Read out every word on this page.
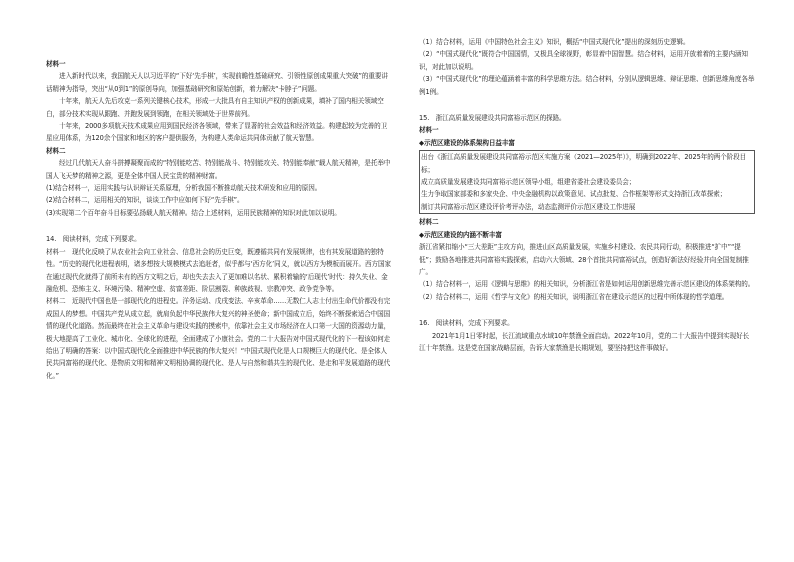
材料一

进入新时代以来，我国航天人以习近平的“下好‘先手棋’，实现前瞻性基础研究、引领性原创成果重大突破”的重要讲话精神为指导，突出“从0到1”的原创导向，加强基础研究和原始创新，着力解决“卡脖子”问题。

十年来，航天人先后攻克一系列关键核心技术，形成一大批具有自主知识产权的创新成果，填补了国内相关领域空白，部分技术实现从跟跑、并跑发展到领跑，在相关领域处于世界前列。

十年来，2000多项航天技术成果应用到国民经济各领域，带来了显著的社会效益和经济效益。构建起较为完善的卫星应用体系，为120余个国家和地区的客户提供服务，为构建人类命运共同体贡献了航天智慧。

材料二

经过几代航天人奋斗拼搏凝聚而成的“特别能吃苦、特别能战斗、特别能攻关、特别能奉献”载人航天精神，是托举中国人飞天梦的精神之源，更是全体中国人民宝贵的精神财富。

(1)结合材料一，运用实践与认识辩证关系原理，分析我国不断推动航天技术研发和应用的原因。

(2)结合材料二，运用相关的知识，谈谈工作中应如何下好“先手棋”。

(3)实现第二个百年奋斗目标要弘扬载人航天精神。结合上述材料，运用民族精神的知识对此加以说明。

14.　阅读材料，完成下列要求。

材料一　现代化反映了从农业社会向工业社会、信息社会的历史巨变，既遵循共同有发展规律，也有其发展道路的独特性。“历史的现代化进程表明，诸多想按大规模模式去追赶者，似乎都与‘西方化’同义，就以西方为模板而展开。西方国家在通过现代化就得了前所未有的西方文明之后，却也失去去入了更加难以名状、累积着输的‘后现代’时代：持久失业、金融危机、恐怖主义、环境污染、精神空虚、贫富差距、阶层割裂、种族歧视、宗教冲突、政争党争等。

材料二　近现代中国也是一部现代化的进程史。洋务运动、戊戌变法、辛亥革命……无数仁人志士付出生命代价都没有完成国人的梦想。中国共产党从成立起，就肩负起中华民族伟大复兴的神圣使命；新中国成立后，始终不断探索适合中国国情的现代化道路。然而最终在社会主义革命与建设实践的摸索中，依靠社会主义市场经济在人口第一大国的资源动力量，极大地提高了工业化、城市化、全球化的进程，全面建成了小康社会。党的二十大报告对中国式现代化的下一程该如何走给出了明确的答案：以中国式现代化全面推进中华民族的伟大复兴！“中国式现代化是人口规模巨大的现代化、是全体人民共同富裕的现代化、是物质文明和精神文明相协调的现代化、是人与自然和谐共生的现代化、是走和平发展道路的现代化。”

（1）结合材料，运用《中国特色社会主义》知识，概括“中国式现代化”提出的深刻历史逻辑。

（2）“中国式现代化”既符合中国国情，又极具全球视野，彰显着中国智慧。结合材料，运用开放着着的主要内涵知识，对此加以说明。

（3）“中国式现代化”的理论蕴涵着丰富的科学思维方法。结合材料，分别从逻辑思维、辩证思维、创新思维角度各举例1例。

15.　浙江高质量发展建设共同富裕示范区的探路。

材料一

◆示范区建设的体系架构日益丰富

出台《浙江高质量发展建设共同富裕示范区实施方案（2021—2025年）》，明确到2022年、2025年的两个阶段目标；

成立高质量发展建设共同富裕示范区领导小组，组建省委社会建设委员会；

生力争取国家部委和多家央企、中央金融机构以政策意见、试点批复、合作框架等形式支持浙江改革探索；

制订共同富裕示范区建设评价考评办法，动态监测评价示范区建设工作进展

材料二

◆示范区建设的内涵不断丰富

浙江省紧扣缩小“三大差距”主攻方向，推进山区高质量发展，实施乡村建设、农民共同行动，积极推进“扩中”“提低”；鼓励各地推进共同富裕实践探索，启动六大领域、28个首批共同富裕试点，创造好新法好经验并向全国复制推广。

（1）结合材料一，运用《逻辑与思维》的相关知识，分析浙江省是如何运用创新思维完善示范区建设的体系架构的。

（2）结合材料二，运用《哲学与文化》的相关知识，说明浙江省在建设示范区的过程中所体现的哲学道理。

16.　阅读材料，完成下列要求。

2021年1月1日零时起，长江流域重点水域10年禁渔全面启动。2022年10月，党的二十大报告中提到实现好长江十年禁渔。这是党在国家战略层面，告诉大家禁渔是长期规划，要坚持把这件事做好。
